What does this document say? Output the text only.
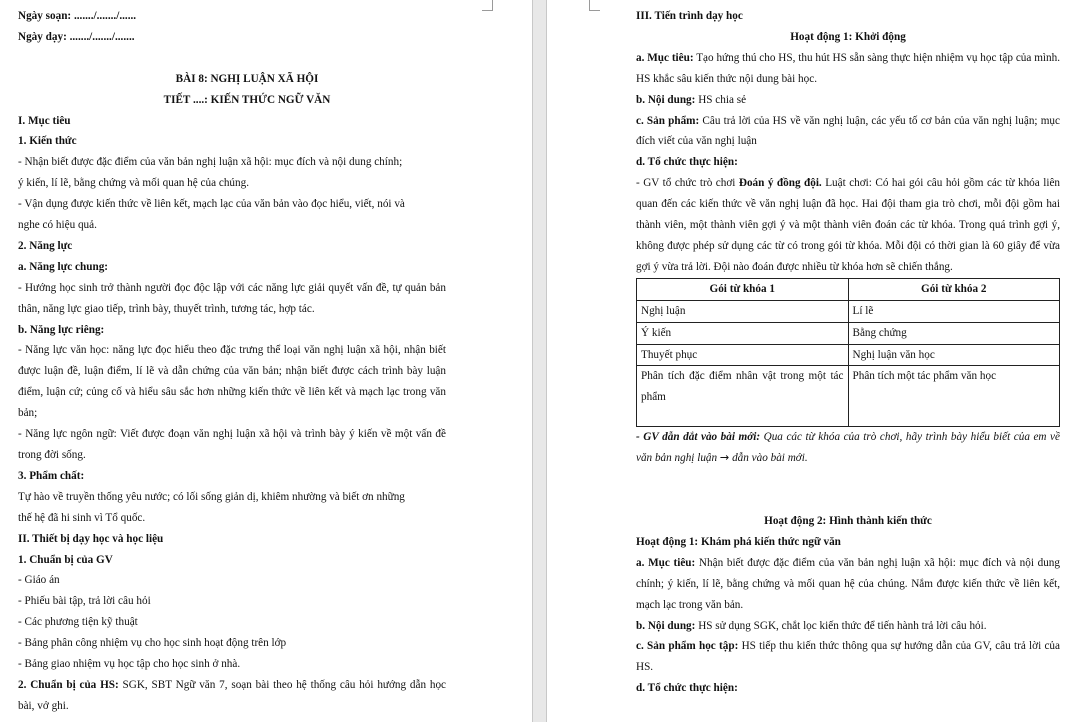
Ngày soạn: ......./......./......
Ngày dạy: ......./......./.......
BÀI 8: NGHỊ LUẬN XÃ HỘI
TIẾT ....: KIẾN THỨC NGỮ VĂN
I. Mục tiêu
1. Kiến thức
- Nhận biết được đặc điểm của văn bản nghị luận xã hội: mục đích và nội dung chính;
ý kiến, lí lẽ, bằng chứng và mối quan hệ của chúng.
- Vận dụng được kiến thức về liên kết, mạch lạc của văn bản vào đọc hiểu, viết, nói và
nghe có hiệu quả.
2. Năng lực
a. Năng lực chung:
- Hướng học sinh trở thành người đọc độc lập với các năng lực giải quyết vấn đề, tự quản bản thân, năng lực giao tiếp, trình bày, thuyết trình, tương tác, hợp tác.
b. Năng lực riêng:
- Năng lực văn học: năng lực đọc hiểu theo đặc trưng thể loại văn nghị luận xã hội, nhận biết được luận đề, luận điểm, lí lẽ và dẫn chứng của văn bản; nhận biết được cách trình bày luận điểm, luận cứ; củng cố và hiểu sâu sắc hơn những kiến thức về liên kết và mạch lạc trong văn bản;
- Năng lực ngôn ngữ: Viết được đoạn văn nghị luận xã hội và trình bày ý kiến về một vấn đề trong đời sống.
3. Phẩm chất:
Tự hào về truyền thống yêu nước; có lối sống giản dị, khiêm nhường và biết ơn những
thế hệ đã hi sinh vì Tổ quốc.
II. Thiết bị dạy học và học liệu
1. Chuẩn bị của GV
- Giáo án
- Phiếu bài tập, trả lời câu hỏi
- Các phương tiện kỹ thuật
- Bảng phân công nhiệm vụ cho học sinh hoạt động trên lớp
- Bảng giao nhiệm vụ học tập cho học sinh ở nhà.
2. Chuẩn bị của HS: SGK, SBT Ngữ văn 7, soạn bài theo hệ thống câu hỏi hướng dẫn học bài, vở ghi.
III. Tiến trình dạy học
Hoạt động 1: Khởi động
a. Mục tiêu: Tạo hứng thú cho HS, thu hút HS sẵn sàng thực hiện nhiệm vụ học tập của mình. HS khắc sâu kiến thức nội dung bài học.
b. Nội dung: HS chia sẻ
c. Sản phẩm: Câu trả lời của HS về văn nghị luận, các yếu tố cơ bản của văn nghị luận; mục đích viết của văn nghị luận
d. Tổ chức thực hiện:
- GV tổ chức trò chơi Đoán ý đồng đội. Luật chơi: Có hai gói câu hỏi gồm các từ khóa liên quan đến các kiến thức về văn nghị luận đã học. Hai đội tham gia trò chơi, mỗi đội gồm hai thành viên, một thành viên gợi ý và một thành viên đoán các từ khóa. Trong quá trình gợi ý, không được phép sử dụng các từ có trong gói từ khóa. Mỗi đội có thời gian là 60 giây để vừa gợi ý vừa trả lời. Đội nào đoán được nhiều từ khóa hơn sẽ chiến thắng.
Gói từ khóa 1	Gói từ khóa 2
Nghị luận	Lí lẽ
Ý kiến	Bằng chứng
Thuyết phục	Nghị luận văn học
Phân tích đặc điểm nhân vật trong một tác phẩm	Phân tích một tác phẩm văn học
- GV dẫn dắt vào bài mới: Qua các từ khóa của trò chơi, hãy trình bày hiểu biết của em về văn bản nghị luận → dẫn vào bài mới.
Hoạt động 2: Hình thành kiến thức
Hoạt động 1: Khám phá kiến thức ngữ văn
a. Mục tiêu: Nhận biết được đặc điểm của văn bản nghị luận xã hội: mục đích và nội dung chính; ý kiến, lí lẽ, bằng chứng và mối quan hệ của chúng. Nắm được kiến thức về liên kết, mạch lạc trong văn bản.
b. Nội dung: HS sử dụng SGK, chắt lọc kiến thức để tiến hành trả lời câu hỏi.
c. Sản phẩm học tập: HS tiếp thu kiến thức thông qua sự hướng dẫn của GV, câu trả lời của HS.
d. Tổ chức thực hiện:
